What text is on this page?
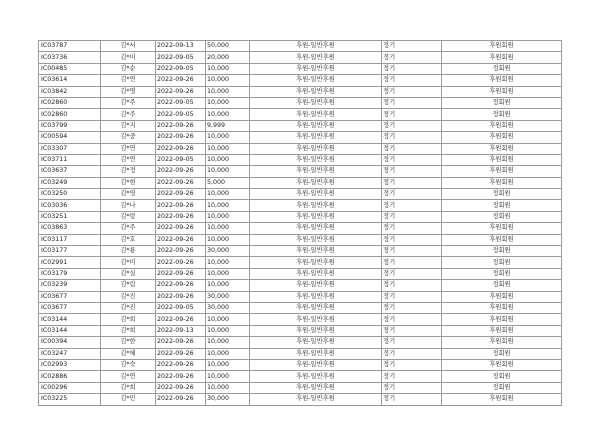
IC03787	김*서	2022-09-13	50,000	후원-일반후원	정기	후원회원
IC03736	김*미	2022-09-05	20,000	후원-일반후원	정기	후원회원
IC00485	김*순	2022-09-05	10,000	후원-일반후원	정기	정회원
IC03614	김*연	2022-09-26	10,000	후원-일반후원	정기	후원회원
IC03842	김*명	2022-09-26	10,000	후원-일반후원	정기	후원회원
IC02860	김*주	2022-09-05	10,000	후원-일반후원	정기	정회원
IC02860	김*주	2022-09-05	10,000	후원-일반후원	정기	정회원
IC03799	김*지	2022-09-26	9,999	후원-일반후원	정기	후원회원
IC00594	김*중	2022-09-26	10,000	후원-일반후원	정기	후원회원
IC03307	김*연	2022-09-26	10,000	후원-일반후원	정기	후원회원
IC03711	김*연	2022-09-05	10,000	후원-일반후원	정기	후원회원
IC03637	김*정	2022-09-26	10,000	후원-일반후원	정기	후원회원
IC03249	김*현	2022-09-26	5,000	후원-일반후원	정기	후원회원
IC03250	김*영	2022-09-26	10,000	후원-일반후원	정기	정회원
IC03036	김*나	2022-09-26	10,000	후원-일반후원	정기	정회원
IC03251	김*랑	2022-09-26	10,000	후원-일반후원	정기	정회원
IC03863	김*주	2022-09-26	10,000	후원-일반후원	정기	후원회원
IC03117	김*호	2022-09-26	10,000	후원-일반후원	정기	후원회원
IC03177	김*룡	2022-09-26	30,000	후원-일반후원	정기	정회원
IC02991	김*미	2022-09-26	10,000	후원-일반후원	정기	정회원
IC03179	김*실	2022-09-26	10,000	후원-일반후원	정기	정회원
IC03239	김*림	2022-09-26	10,000	후원-일반후원	정기	정회원
IC03677	김*진	2022-09-26	30,000	후원-일반후원	정기	후원회원
IC03677	김*진	2022-09-05	30,000	후원-일반후원	정기	후원회원
IC03144	김*희	2022-09-26	10,000	후원-일반후원	정기	후원회원
IC03144	김*희	2022-09-13	10,000	후원-일반후원	정기	후원회원
IC00394	김*한	2022-09-26	10,000	후원-일반후원	정기	후원회원
IC03247	김*혜	2022-09-26	10,000	후원-일반후원	정기	정회원
IC02993	김*숙	2022-09-26	10,000	후원-일반후원	정기	후원회원
IC02886	김*연	2022-09-26	10,000	후원-일반후원	정기	정회원
IC00296	김*희	2022-09-26	10,000	후원-일반후원	정기	정회원
IC03225	김*민	2022-09-26	30,000	후원-일반후원	정기	후원회원
